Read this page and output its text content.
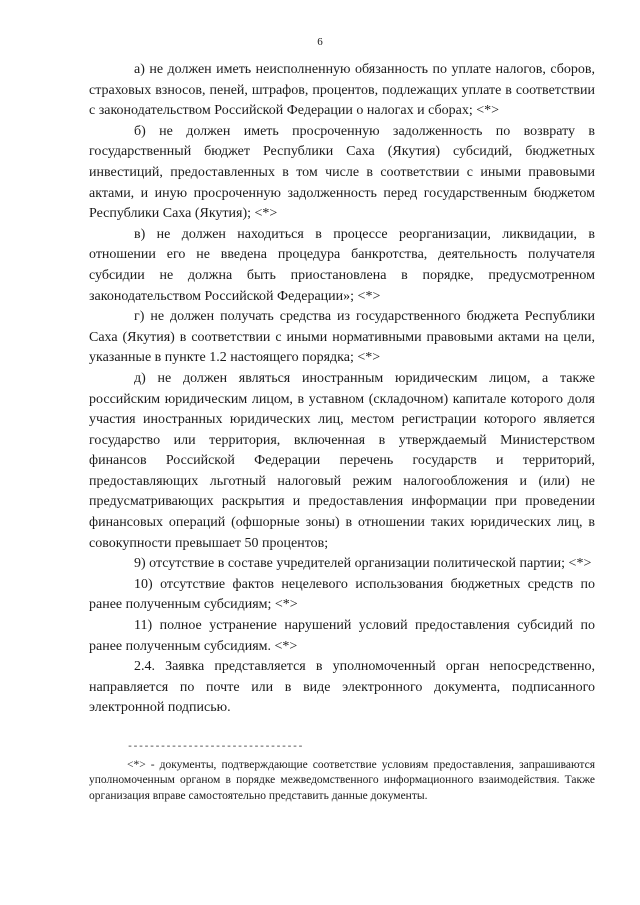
6

а) не должен иметь неисполненную обязанность по уплате налогов, сборов, страховых взносов, пеней, штрафов, процентов, подлежащих уплате в соответствии с законодательством Российской Федерации о налогах и сборах; <*>

б) не должен иметь просроченную задолженность по возврату в государственный бюджет Республики Саха (Якутия) субсидий, бюджетных инвестиций, предоставленных в том числе в соответствии с иными правовыми актами, и иную просроченную задолженность перед государственным бюджетом Республики Саха (Якутия); <*>

в) не должен находиться в процессе реорганизации, ликвидации, в отношении его не введена процедура банкротства, деятельность получателя субсидии не должна быть приостановлена в порядке, предусмотренном законодательством Российской Федерации»; <*>

г) не должен получать средства из государственного бюджета Республики Саха (Якутия) в соответствии с иными нормативными правовыми актами на цели, указанные в пункте 1.2 настоящего порядка; <*>

д) не должен являться иностранным юридическим лицом, а также российским юридическим лицом, в уставном (складочном) капитале которого доля участия иностранных юридических лиц, местом регистрации которого является государство или территория, включенная в утверждаемый Министерством финансов Российской Федерации перечень государств и территорий, предоставляющих льготный налоговый режим налогообложения и (или) не предусматривающих раскрытия и предоставления информации при проведении финансовых операций (офшорные зоны) в отношении таких юридических лиц, в совокупности превышает 50 процентов;

9) отсутствие в составе учредителей организации политической партии; <*>

10) отсутствие фактов нецелевого использования бюджетных средств по ранее полученным субсидиям; <*>

11) полное устранение нарушений условий предоставления субсидий по ранее полученным субсидиям. <*>

2.4. Заявка представляется в уполномоченный орган непосредственно, направляется по почте или в виде электронного документа, подписанного электронной подписью.

--------------------------------

<*> - документы, подтверждающие соответствие условиям предоставления, запрашиваются уполномоченным органом в порядке межведомственного информационного взаимодействия. Также организация вправе самостоятельно представить данные документы.
